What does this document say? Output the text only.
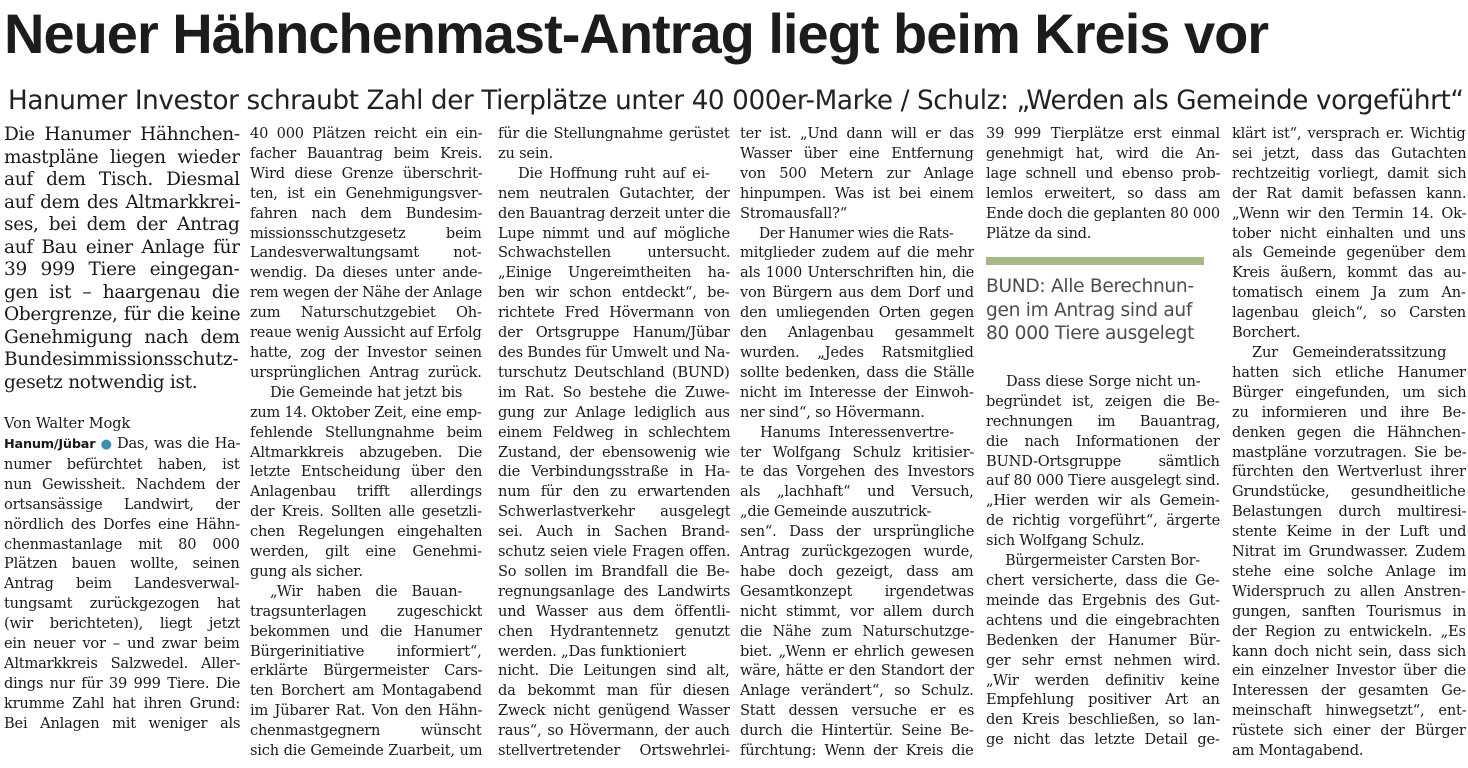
Neuer Hähnchenmast-Antrag liegt beim Kreis vor
Hanumer Investor schraubt Zahl der Tierplätze unter 40 000er-Marke / Schulz: „Werden als Gemeinde vorgeführt“
Die Hanumer Hähnchen-
mastpläne liegen wieder
auf dem Tisch. Diesmal
auf dem des Altmarkkrei-
ses, bei dem der Antrag
auf Bau einer Anlage für
39 999 Tiere eingegan-
gen ist – haargenau die
Obergrenze, für die keine
Genehmigung nach dem
Bundesimmissionsschutz-
gesetz notwendig ist.
Von Walter Mogk
Hanum/Jübar ● Das, was die Ha-
numer befürchtet haben, ist
nun Gewissheit. Nachdem der
ortsansässige Landwirt, der
nördlich des Dorfes eine Hähn-
chenmastanlage mit 80 000
Plätzen bauen wollte, seinen
Antrag beim Landesverwal-
tungsamt zurückgezogen hat
(wir berichteten), liegt jetzt
ein neuer vor – und zwar beim
Altmarkkreis Salzwedel. Aller-
dings nur für 39 999 Tiere. Die
krumme Zahl hat ihren Grund:
Bei Anlagen mit weniger als
40 000 Plätzen reicht ein ein-
facher Bauantrag beim Kreis.
Wird diese Grenze überschrit-
ten, ist ein Genehmigungsver-
fahren nach dem Bundesim-
missionsschutzgesetz beim
Landesverwaltungsamt not-
wendig. Da dieses unter ande-
rem wegen der Nähe der Anlage
zum Naturschutzgebiet Oh-
reaue wenig Aussicht auf Erfolg
hatte, zog der Investor seinen
ursprünglichen Antrag zurück.
Die Gemeinde hat jetzt bis
zum 14. Oktober Zeit, eine emp-
fehlende Stellungnahme beim
Altmarkkreis abzugeben. Die
letzte Entscheidung über den
Anlagenbau trifft allerdings
der Kreis. Sollten alle gesetzli-
chen Regelungen eingehalten
werden, gilt eine Genehmi-
gung als sicher.
„Wir haben die Bauan-
tragsunterlagen zugeschickt
bekommen und die Hanumer
Bürgerinitiative informiert“,
erklärte Bürgermeister Cars-
ten Borchert am Montagabend
im Jübarer Rat. Von den Hähn-
chenmastgegnern wünscht
sich die Gemeinde Zuarbeit, um
für die Stellungnahme gerüstet
zu sein.
Die Hoffnung ruht auf ei-
nem neutralen Gutachter, der
den Bauantrag derzeit unter die
Lupe nimmt und auf mögliche
Schwachstellen untersucht.
„Einige Ungereimtheiten ha-
ben wir schon entdeckt“, be-
richtete Fred Hövermann von
der Ortsgruppe Hanum/Jübar
des Bundes für Umwelt und Na-
turschutz Deutschland (BUND)
im Rat. So bestehe die Zuwe-
gung zur Anlage lediglich aus
einem Feldweg in schlechtem
Zustand, der ebensowenig wie
die Verbindungsstraße in Ha-
num für den zu erwartenden
Schwerlastverkehr ausgelegt
sei. Auch in Sachen Brand-
schutz seien viele Fragen offen.
So sollen im Brandfall die Be-
regnungsanlage des Landwirts
und Wasser aus dem öffentli-
chen Hydrantennetz genutzt
werden. „Das funktioniert
nicht. Die Leitungen sind alt,
da bekommt man für diesen
Zweck nicht genügend Wasser
raus“, so Hövermann, der auch
stellvertretender Ortswehrlei-
ter ist. „Und dann will er das
Wasser über eine Entfernung
von 500 Metern zur Anlage
hinpumpen. Was ist bei einem
Stromausfall?“
Der Hanumer wies die Rats-
mitglieder zudem auf die mehr
als 1000 Unterschriften hin, die
von Bürgern aus dem Dorf und
den umliegenden Orten gegen
den Anlagenbau gesammelt
wurden. „Jedes Ratsmitglied
sollte bedenken, dass die Ställe
nicht im Interesse der Einwoh-
ner sind“, so Hövermann.
Hanums Interessenvertre-
ter Wolfgang Schulz kritisier-
te das Vorgehen des Investors
als „lachhaft“ und Versuch,
„die Gemeinde auszutrick-
sen“. Dass der ursprüngliche
Antrag zurückgezogen wurde,
habe doch gezeigt, dass am
Gesamtkonzept irgendetwas
nicht stimmt, vor allem durch
die Nähe zum Naturschutzge-
biet. „Wenn er ehrlich gewesen
wäre, hätte er den Standort der
Anlage verändert“, so Schulz.
Statt dessen versuche er es
durch die Hintertür. Seine Be-
fürchtung: Wenn der Kreis die
39 999 Tierplätze erst einmal
genehmigt hat, wird die An-
lage schnell und ebenso prob-
lemlos erweitert, so dass am
Ende doch die geplanten 80 000
Plätze da sind.
BUND: Alle Berechnun-
gen im Antrag sind auf
80 000 Tiere ausgelegt
Dass diese Sorge nicht un-
begründet ist, zeigen die Be-
rechnungen im Bauantrag,
die nach Informationen der
BUND-Ortsgruppe sämtlich
auf 80 000 Tiere ausgelegt sind.
„Hier werden wir als Gemein-
de richtig vorgeführt“, ärgerte
sich Wolfgang Schulz.
Bürgermeister Carsten Bor-
chert versicherte, dass die Ge-
meinde das Ergebnis des Gut-
achtens und die eingebrachten
Bedenken der Hanumer Bür-
ger sehr ernst nehmen wird.
„Wir werden definitiv keine
Empfehlung positiver Art an
den Kreis beschließen, so lan-
ge nicht das letzte Detail ge-
klärt ist“, versprach er. Wichtig
sei jetzt, dass das Gutachten
rechtzeitig vorliegt, damit sich
der Rat damit befassen kann.
„Wenn wir den Termin 14. Ok-
tober nicht einhalten und uns
als Gemeinde gegenüber dem
Kreis äußern, kommt das au-
tomatisch einem Ja zum An-
lagenbau gleich“, so Carsten
Borchert.
Zur Gemeinderatssitzung
hatten sich etliche Hanumer
Bürger eingefunden, um sich
zu informieren und ihre Be-
denken gegen die Hähnchen-
mastpläne vorzutragen. Sie be-
fürchten den Wertverlust ihrer
Grundstücke, gesundheitliche
Belastungen durch multiresi-
stente Keime in der Luft und
Nitrat im Grundwasser. Zudem
stehe eine solche Anlage im
Widerspruch zu allen Anstren-
gungen, sanften Tourismus in
der Region zu entwickeln. „Es
kann doch nicht sein, dass sich
ein einzelner Investor über die
Interessen der gesamten Ge-
meinschaft hinwegsetzt“, ent-
rüstete sich einer der Bürger
am Montagabend.
